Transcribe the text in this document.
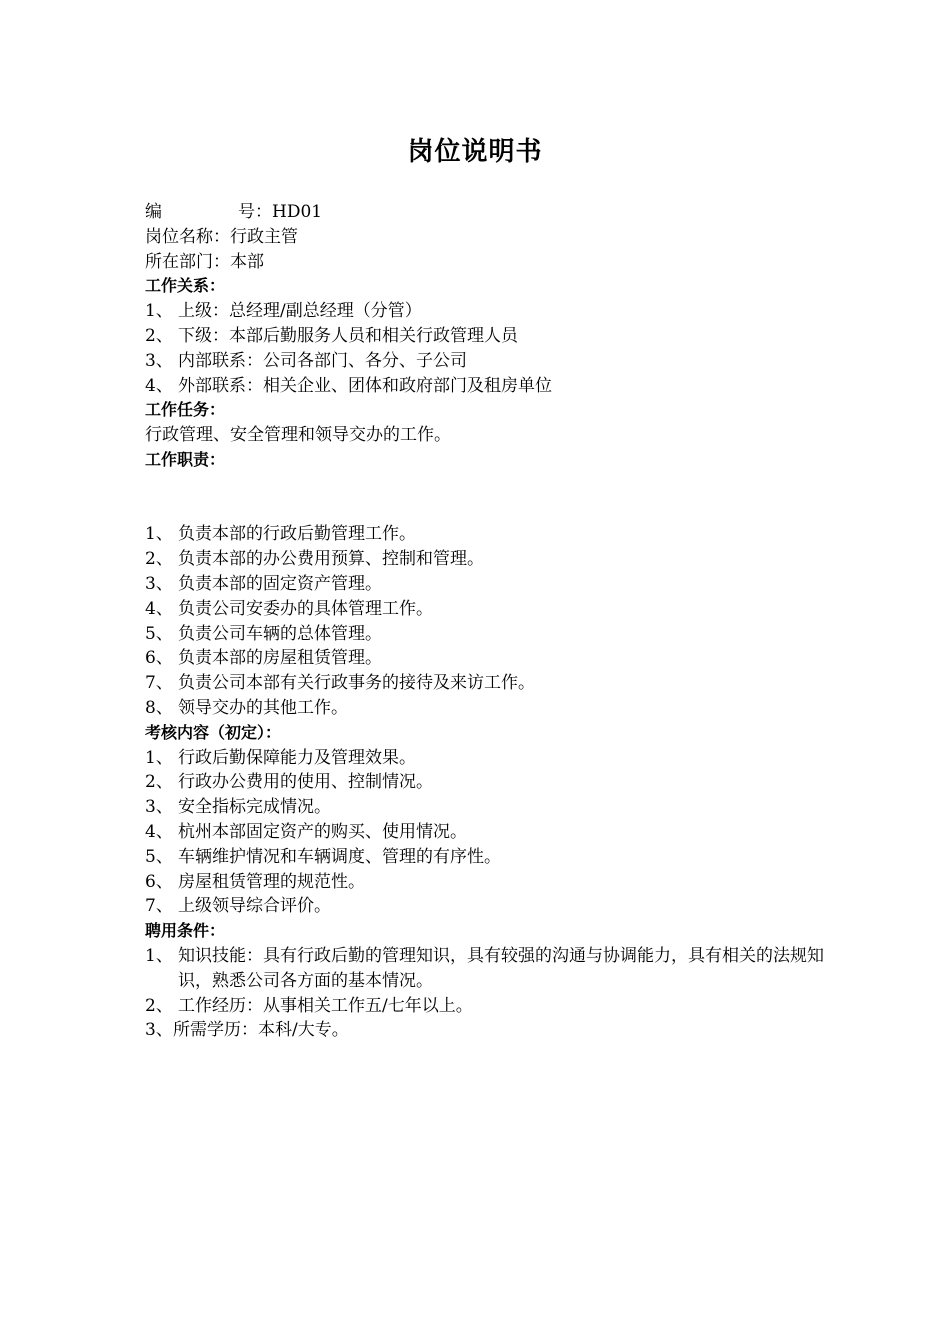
岗位说明书
编	号：HD01
岗位名称：行政主管
所在部门：本部
工作关系：
1、 上级：总经理/副总经理（分管）
2、 下级：本部后勤服务人员和相关行政管理人员
3、 内部联系：公司各部门、各分、子公司
4、 外部联系：相关企业、团体和政府部门及租房单位
工作任务：
行政管理、安全管理和领导交办的工作。
工作职责：
1、 负责本部的行政后勤管理工作。
2、 负责本部的办公费用预算、控制和管理。
3、 负责本部的固定资产管理。
4、 负责公司安委办的具体管理工作。
5、 负责公司车辆的总体管理。
6、 负责本部的房屋租赁管理。
7、 负责公司本部有关行政事务的接待及来访工作。
8、 领导交办的其他工作。
考核内容（初定）：
1、 行政后勤保障能力及管理效果。
2、 行政办公费用的使用、控制情况。
3、 安全指标完成情况。
4、 杭州本部固定资产的购买、使用情况。
5、 车辆维护情况和车辆调度、管理的有序性。
6、 房屋租赁管理的规范性。
7、 上级领导综合评价。
聘用条件：
1、 知识技能：具有行政后勤的管理知识，具有较强的沟通与协调能力，具有相关的法规知识，熟悉公司各方面的基本情况。
2、 工作经历：从事相关工作五/七年以上。
3、所需学历：本科/大专。
